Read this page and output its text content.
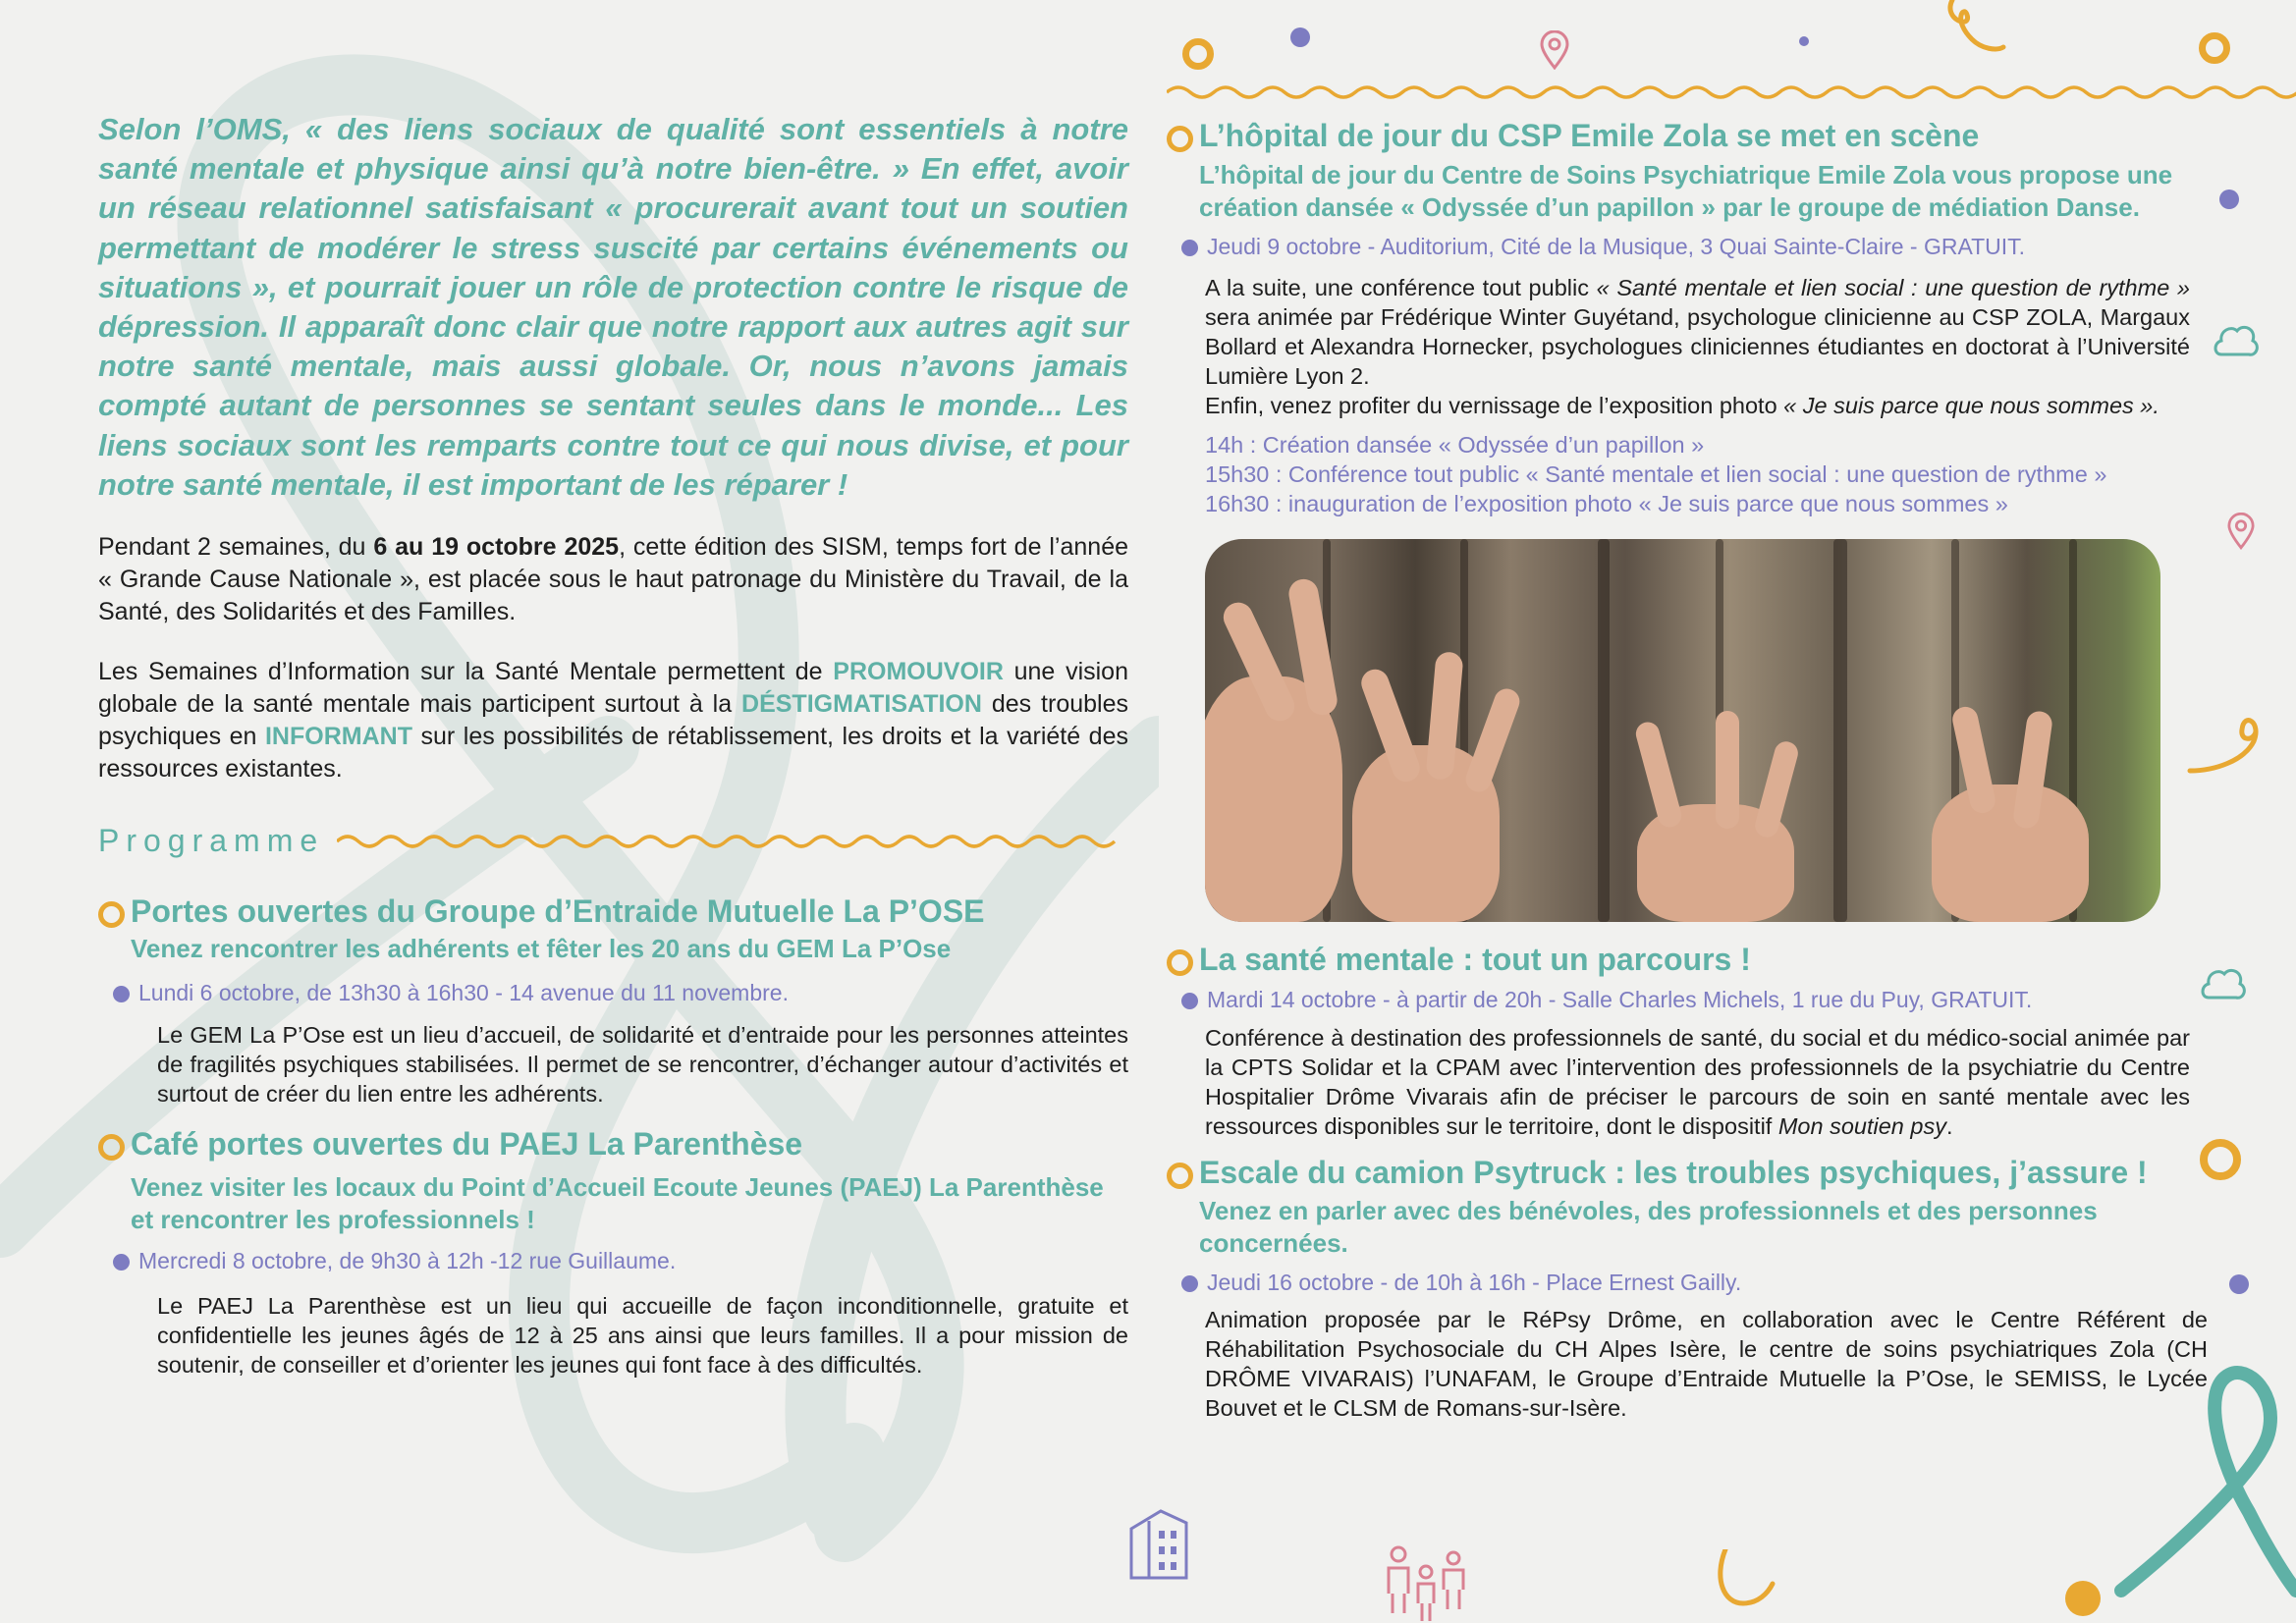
Selon l’OMS, « des liens sociaux de qualité sont essentiels à notre santé mentale et physique ainsi qu’à notre bien-être. » En effet, avoir un réseau relationnel satisfaisant « procurerait avant tout un soutien permettant de modérer le stress suscité par certains événements ou situations », et pourrait jouer un rôle de protection contre le risque de dépression. Il apparaît donc clair que notre rapport aux autres agit sur notre santé mentale, mais aussi globale. Or, nous n’avons jamais compté autant de personnes se sentant seules dans le monde... Les liens sociaux sont les remparts contre tout ce qui nous divise, et pour notre santé mentale, il est important de les réparer !

Pendant 2 semaines, du 6 au 19 octobre 2025, cette édition des SISM, temps fort de l’année « Grande Cause Nationale », est placée sous le haut patronage du Ministère du Travail, de la Santé, des Solidarités et des Familles.

Les Semaines d’Information sur la Santé Mentale permettent de PROMOUVOIR une vision globale de la santé mentale mais participent surtout à la DÉSTIGMATISATION des troubles psychiques en INFORMANT sur les possibilités de rétablissement, les droits et la variété des ressources existantes.

Programme

Portes ouvertes du Groupe d’Entraide Mutuelle La P’OSE

Venez rencontrer les adhérents et fêter les 20 ans du GEM La P’Ose

Lundi 6 octobre, de 13h30 à 16h30 - 14 avenue du 11 novembre.

Le GEM La P’Ose est un lieu d’accueil, de solidarité et d’entraide pour les personnes atteintes de fragilités psychiques stabilisées. Il permet de se rencontrer, d’échanger autour d’activités et surtout de créer du lien entre les adhérents.

Café portes ouvertes du PAEJ La Parenthèse

Venez visiter les locaux du Point d’Accueil Ecoute Jeunes (PAEJ) La Parenthèse et rencontrer les professionnels !

Mercredi 8 octobre, de 9h30 à 12h -12 rue Guillaume.

Le PAEJ La Parenthèse est un lieu qui accueille de façon inconditionnelle, gratuite et confidentielle les jeunes âgés de 12 à 25 ans ainsi que leurs familles. Il a pour mission de soutenir, de conseiller et d’orienter les jeunes qui font face à des difficultés.

L’hôpital de jour du CSP Emile Zola se met en scène

L’hôpital de jour du Centre de Soins Psychiatrique Emile Zola vous propose une création dansée « Odyssée d’un papillon » par le groupe de médiation Danse.

Jeudi 9 octobre - Auditorium, Cité de la Musique, 3 Quai Sainte-Claire - GRATUIT.

A la suite, une conférence tout public « Santé mentale et lien social : une question de rythme » sera animée par Frédérique Winter Guyétand, psychologue clinicienne au CSP ZOLA, Margaux Bollard et Alexandra Hornecker, psychologues cliniciennes étudiantes en doctorat à l’Université Lumière Lyon 2.
Enfin, venez profiter du vernissage de l’exposition photo « Je suis parce que nous sommes ».

14h : Création dansée « Odyssée d’un papillon »

15h30 : Conférence tout public « Santé mentale et lien social : une question de rythme »

16h30 : inauguration de l’exposition photo « Je suis parce que nous sommes »

La santé mentale : tout un parcours !

Mardi 14 octobre - à partir de 20h - Salle Charles Michels, 1 rue du Puy, GRATUIT.

Conférence à destination des professionnels de santé, du social et du médico-social animée par la CPTS Solidar et la CPAM avec l’intervention des professionnels de la psychiatrie du Centre Hospitalier Drôme Vivarais afin de préciser le parcours de soin en santé mentale avec les ressources disponibles sur le territoire, dont le dispositif Mon soutien psy.

Escale du camion Psytruck : les troubles psychiques, j’assure !

Venez en parler avec des bénévoles, des professionnels et des personnes concernées.

Jeudi 16 octobre - de 10h à 16h - Place Ernest Gailly.

Animation proposée par le RéPsy Drôme, en collaboration avec le Centre Référent de Réhabilitation Psychosociale du CH Alpes Isère, le centre de soins psychiatriques Zola (CH DRÔME VIVARAIS) l’UNAFAM, le Groupe d’Entraide Mutuelle la P’Ose, le SEMISS, le Lycée Bouvet et le CLSM de Romans-sur-Isère.
